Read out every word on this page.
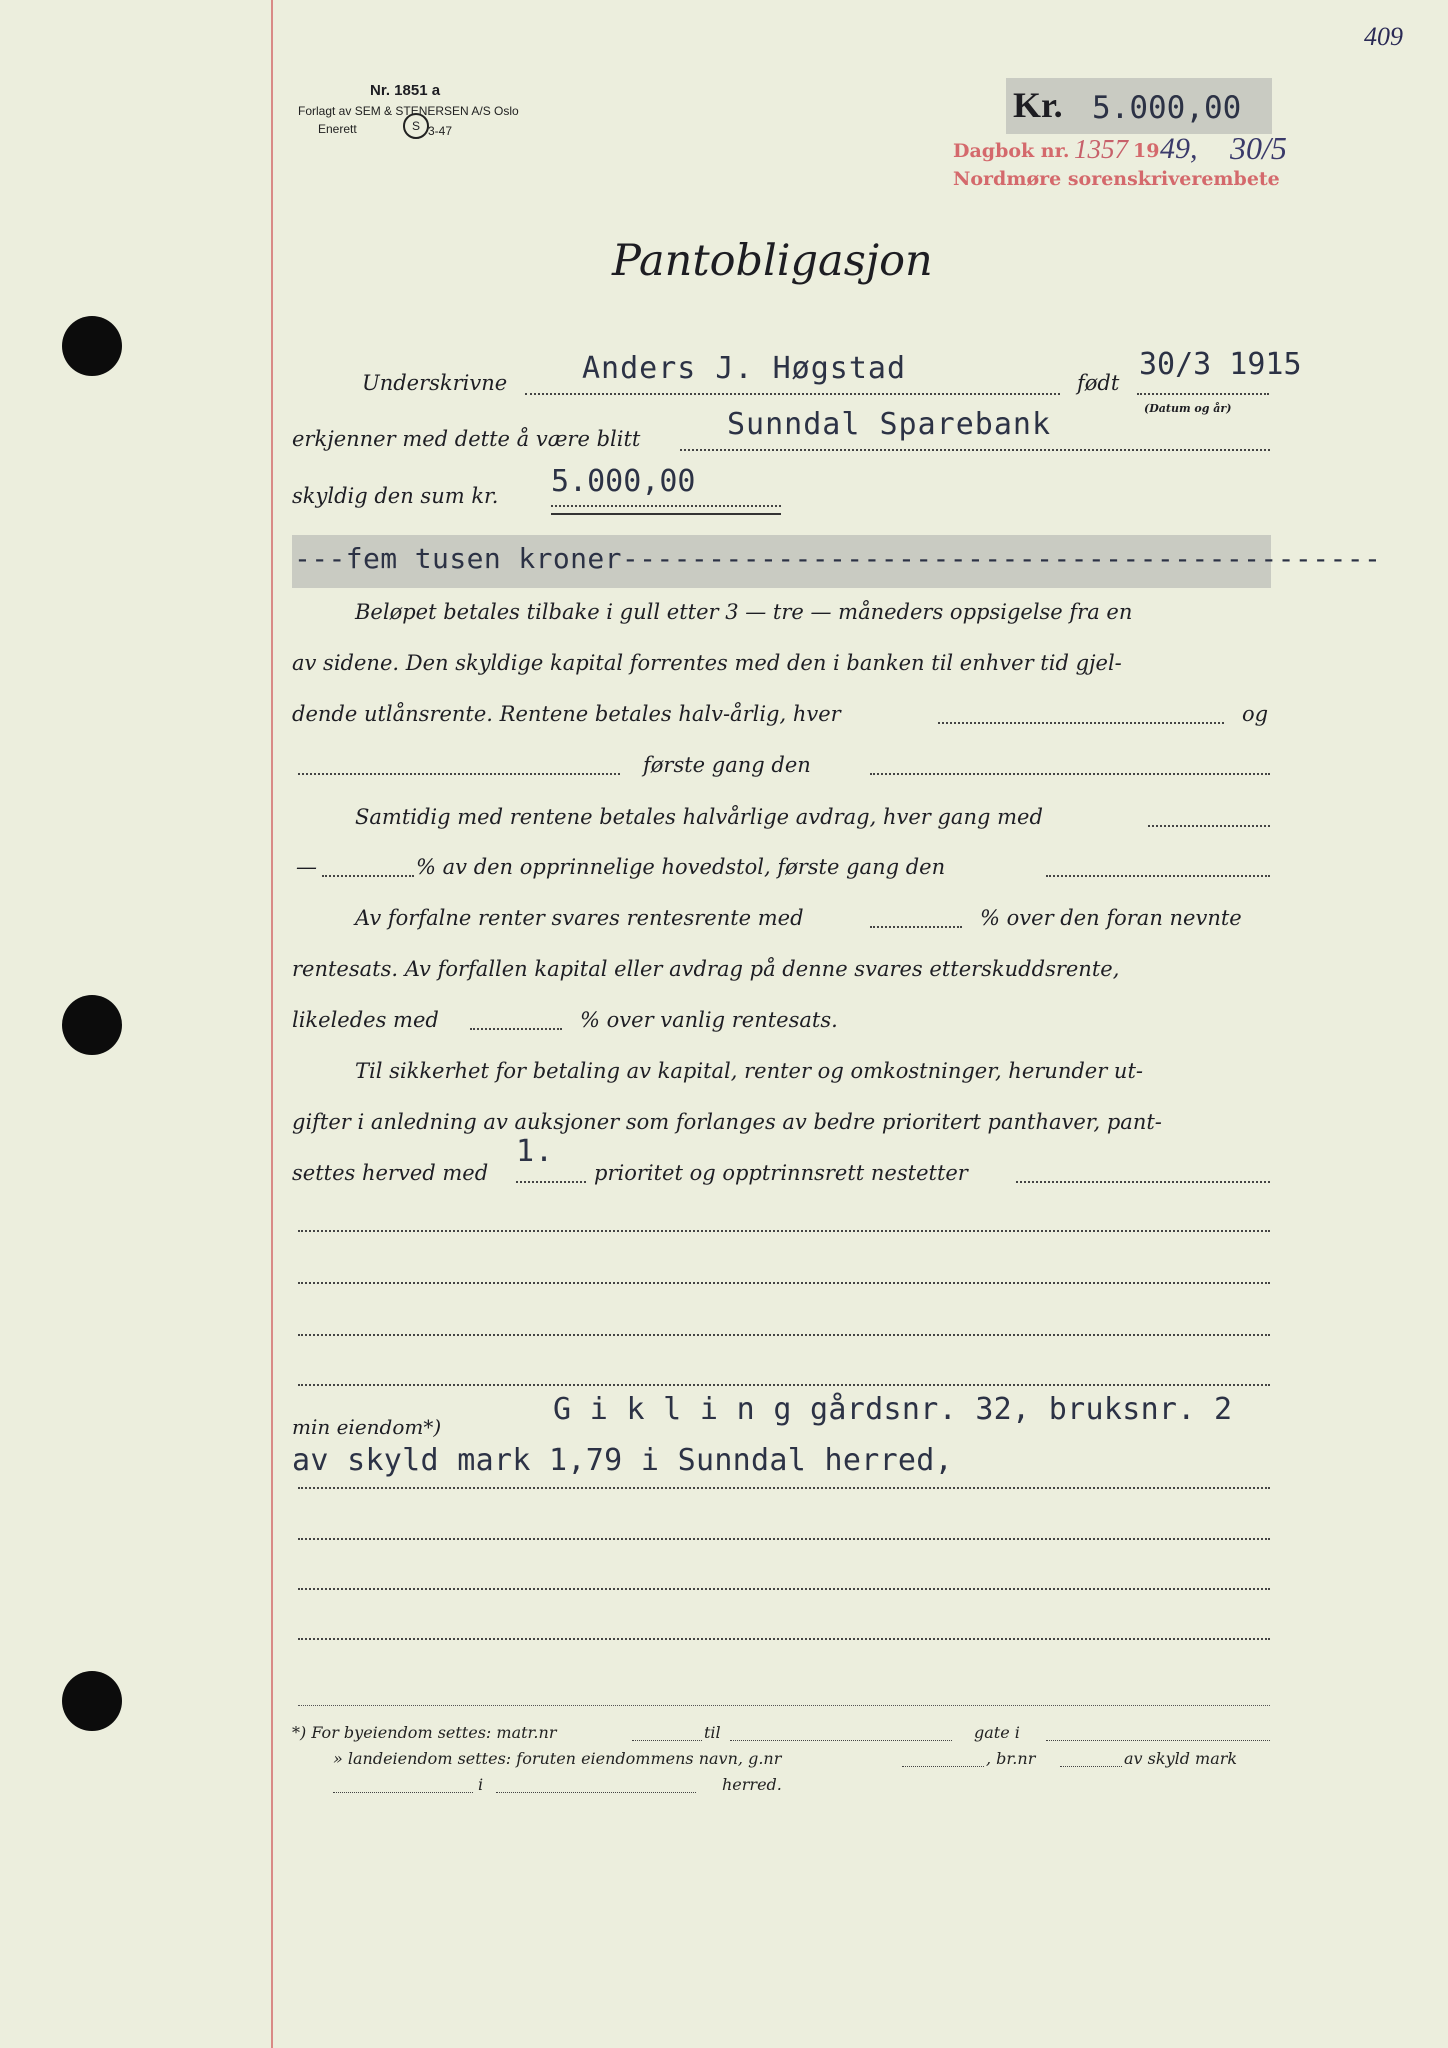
409
Nr. 1851 a
Forlagt av SEM & STENERSEN A/S Oslo
Enerett	S 3-47
Kr. 5.000,00
Dagbok nr. 1357 19 49, 30/5
Nordmøre sorenskriverembete
Pantobligasjon
Underskrivne Anders J. Høgstad	født
30/3 1915
(Datum og år)
erkjenner med dette å være blitt	Sunndal Sparebank
skyldig den sum kr. 5.000,00
---fem tusen kroner--------------------------------------------
Beløpet betales tilbake i gull etter 3 — tre — måneders oppsigelse fra en
av sidene. Den skyldige kapital forrentes med den i banken til enhver tid gjel-
dende utlånsrente. Rentene betales halv-årlig, hver	og
første gang den
Samtidig med rentene betales halvårlige avdrag, hver gang med
—	% av den opprinnelige hovedstol, første gang den
Av forfalne renter svares rentesrente med	% over den foran nevnte
rentesats. Av forfallen kapital eller avdrag på denne svares etterskuddsrente,
likeledes med	% over vanlig rentesats.
Til sikkerhet for betaling av kapital, renter og omkostninger, herunder ut-
gifter i anledning av auksjoner som forlanges av bedre prioritert panthaver, pant-
settes herved med
1.
prioritet og opptrinnsrett nestetter
min eiendom*)	G i k l i n g gårdsnr. 32, bruksnr. 2
av skyld mark 1,79 i Sunndal herred,
*) For byeiendom settes: matr.nr	til	gate i
» landeiendom settes: foruten eiendommens navn, g.nr	, br.nr	av skyld mark
i	herred.
